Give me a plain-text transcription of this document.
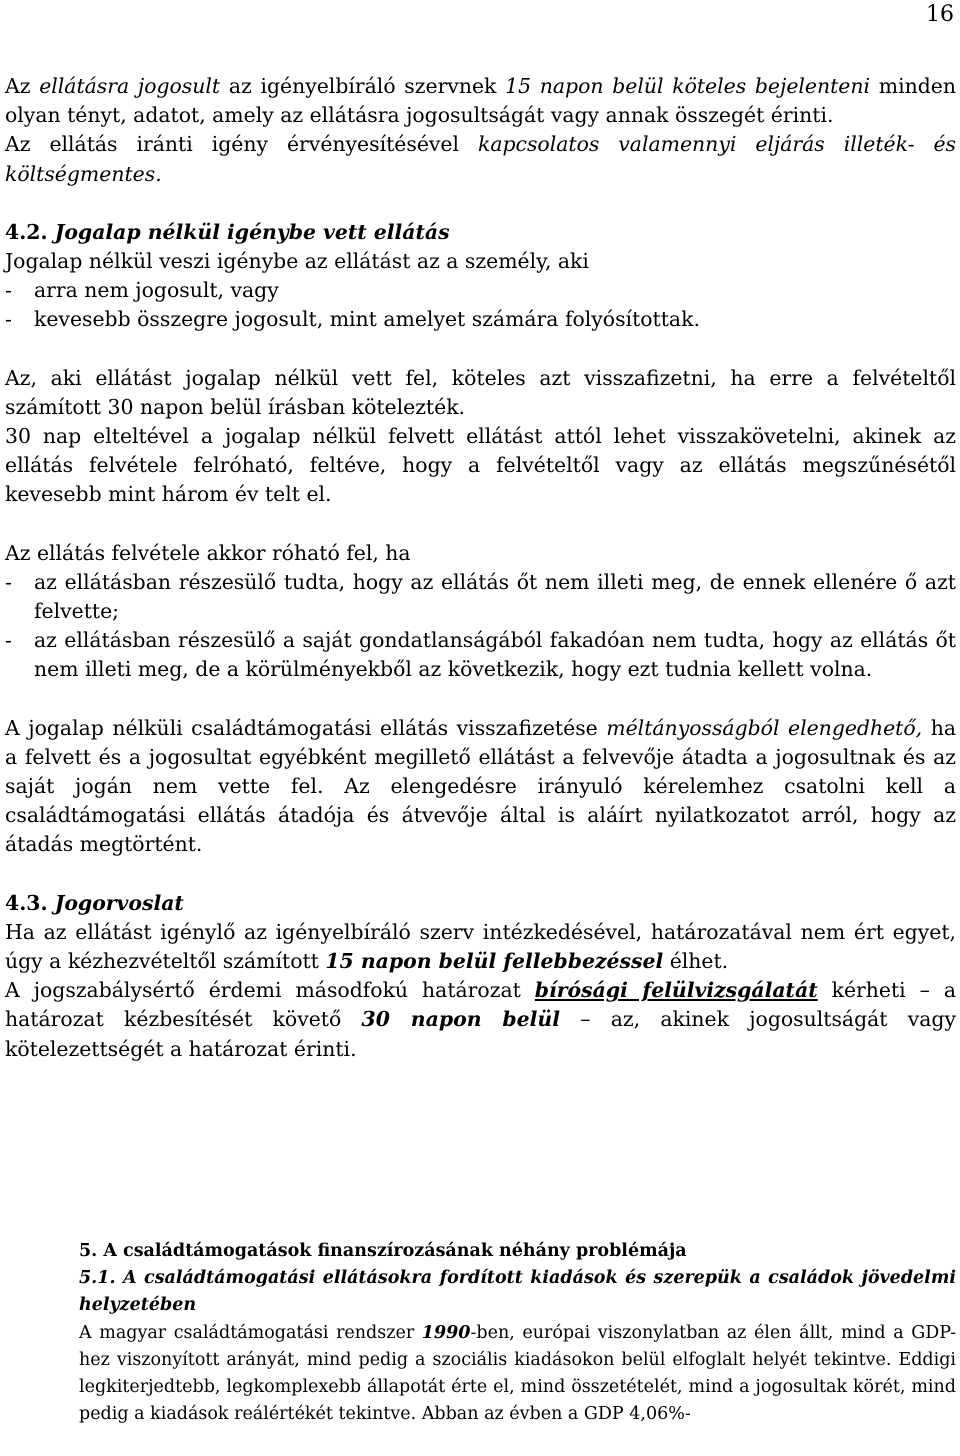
16

Az ellátásra jogosult az igényelbíráló szervnek 15 napon belül köteles bejelenteni minden olyan tényt, adatot, amely az ellátásra jogosultságát vagy annak összegét érinti.

Az ellátás iránti igény érvényesítésével kapcsolatos valamennyi eljárás illeték- és költségmentes.

4.2. Jogalap nélkül igénybe vett ellátás

Jogalap nélkül veszi igénybe az ellátást az a személy, aki

-	arra nem jogosult, vagy
-	kevesebb összegre jogosult, mint amelyet számára folyósítottak.

Az, aki ellátást jogalap nélkül vett fel, köteles azt visszafizetni, ha erre a felvételtől számított 30 napon belül írásban kötelezték.

30 nap elteltével a jogalap nélkül felvett ellátást attól lehet visszakövetelni, akinek az ellátás felvétele felróható, feltéve, hogy a felvételtől vagy az ellátás megszűnésétől kevesebb mint három év telt el.

Az ellátás felvétele akkor róható fel, ha

-	az ellátásban részesülő tudta, hogy az ellátás őt nem illeti meg, de ennek ellenére ő azt felvette;
-	az ellátásban részesülő a saját gondatlanságából fakadóan nem tudta, hogy az ellátás őt nem illeti meg, de a körülményekből az következik, hogy ezt tudnia kellett volna.

A jogalap nélküli családtámogatási ellátás visszafizetése méltányosságból elengedhető, ha a felvett és a jogosultat egyébként megillető ellátást a felvevője átadta a jogosultnak és az saját jogán nem vette fel. Az elengedésre irányuló kérelemhez csatolni kell a családtámogatási ellátás átadója és átvevője által is aláírt nyilatkozatot arról, hogy az átadás megtörtént.

4.3. Jogorvoslat

Ha az ellátást igénylő az igényelbíráló szerv intézkedésével, határozatával nem ért egyet, úgy a kézhezvételtől számított 15 napon belül fellebbezéssel élhet.

A jogszabálysértő érdemi másodfokú határozat bírósági felülvizsgálatát kérheti – a határozat kézbesítését követő 30 napon belül – az, akinek jogosultságát vagy kötelezettségét a határozat érinti.

5. A családtámogatások finanszírozásának néhány problémája

5.1. A családtámogatási ellátásokra fordított kiadások és szerepük a családok jövedelmi helyzetében

A magyar családtámogatási rendszer 1990-ben, európai viszonylatban az élen állt, mind a GDP-hez viszonyított arányát, mind pedig a szociális kiadásokon belül elfoglalt helyét tekintve. Eddigi legkiterjedtebb, legkomplexebb állapotát érte el, mind összetételét, mind a jogosultak körét, mind pedig a kiadások reálértékét tekintve. Abban az évben a GDP 4,06%-
